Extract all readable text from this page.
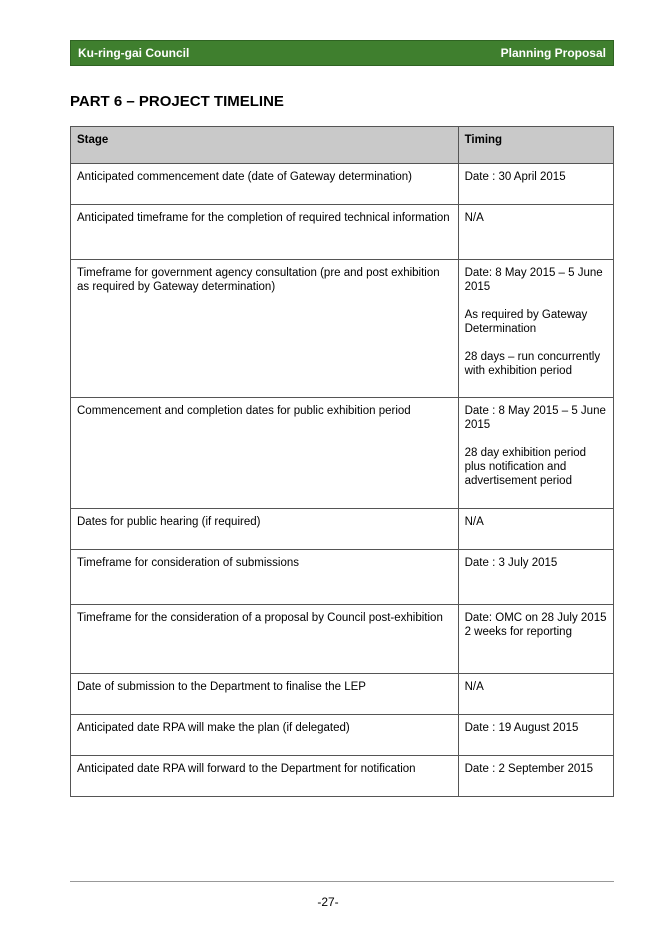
Ku-ring-gai Council	Planning Proposal
PART 6 – PROJECT TIMELINE
Stage	Timing
Anticipated commencement date (date of Gateway determination)	Date : 30 April 2015

Anticipated timeframe for the completion of required technical information	N/A

Timeframe for government agency consultation (pre and post exhibition as required by Gateway determination)	Date: 8 May 2015 – 5 June 2015
As required by Gateway Determination
28 days – run concurrently with exhibition period

Commencement and completion dates for public exhibition period	Date : 8 May 2015 – 5 June 2015
28 day exhibition period plus notification and advertisement period

Dates for public hearing (if required)	N/A

Timeframe for consideration of submissions	Date : 3 July 2015

Timeframe for the consideration of a proposal by Council post-exhibition	Date: OMC on 28 July 2015
2 weeks for reporting

Date of submission to the Department to finalise the LEP	N/A

Anticipated date RPA will make the plan (if delegated)	Date : 19 August 2015

Anticipated date RPA will forward to the Department for notification	Date : 2 September 2015
-27-
